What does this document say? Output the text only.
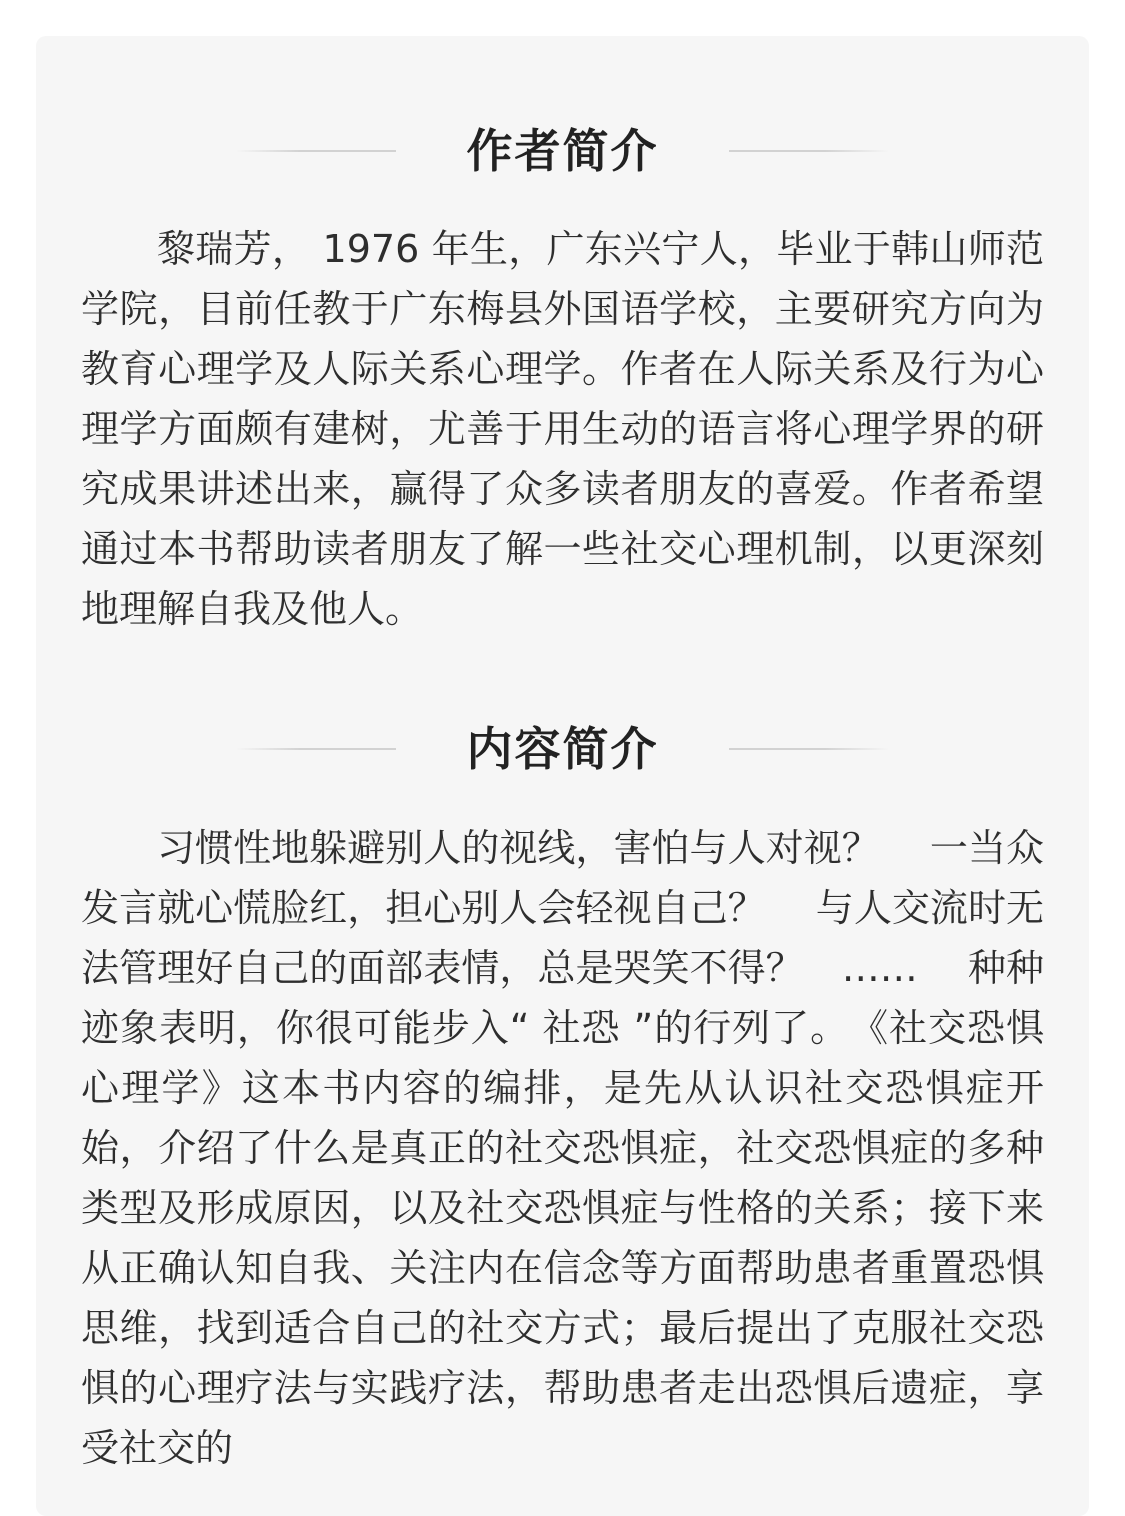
作者简介

黎瑞芳， 1976 年生，广东兴宁人，毕业于韩山师范学院，目前任教于广东梅县外国语学校，主要研究方向为教育心理学及人际关系心理学。作者在人际关系及行为心理学方面颇有建树，尤善于用生动的语言将心理学界的研究成果讲述出来，赢得了众多读者朋友的喜爱。作者希望通过本书帮助读者朋友了解一些社交心理机制，以更深刻地理解自我及他人。

内容简介

习惯性地躲避别人的视线，害怕与人对视？　 一当众发言就心慌脸红，担心别人会轻视自己？　 与人交流时无法管理好自己的面部表情，总是哭笑不得？　……　 种种迹象表明，你很可能步入“ 社恐 ”的行列了。　《社交恐惧心理学》这本书内容的编排，是先从认识社交恐惧症开始，介绍了什么是真正的社交恐惧症，社交恐惧症的多种类型及形成原因，以及社交恐惧症与性格的关系；接下来从正确认知自我、关注内在信念等方面帮助患者重置恐惧思维，找到适合自己的社交方式；最后提出了克服社交恐惧的心理疗法与实践疗法，帮助患者走出恐惧后遗症，享受社交的
